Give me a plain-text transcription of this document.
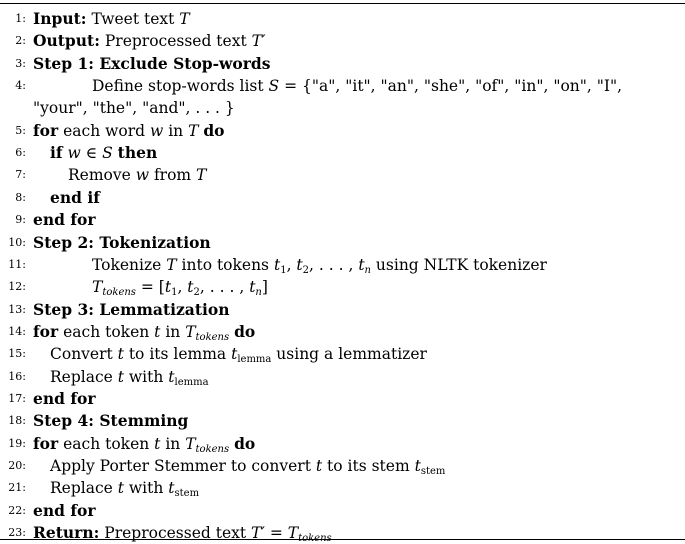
1: Input: Tweet text T
2: Output: Preprocessed text T′
3: Step 1: Exclude Stop-words
4:	Define stop-words list S = {"a", "it", "an", "she", "of", "in", "on", "I",
"your", "the", "and", . . . }
5: for each word w in T do
6: if w ∈ S then
7:	Remove w from T
8: end if
9: end for
10: Step 2: Tokenization
11:	Tokenize T into tokens $t_1$, $t_2$, . . . , $t_n$ using NLTK tokenizer
12:	$T_{tokens} = [t_1$, $t_2$, . . . , $t_n$]
13: Step 3: Lemmatization
14: for each token t in $T_{tokens}$ do
15: Convert t to its lemma $t_{lemma}$ using a lemmatizer
16: Replace t with $t_{lemma}$
17: end for
18: Step 4: Stemming
19: for each token t in $T_{tokens}$ do
20: Apply Porter Stemmer to convert t to its stem $t_{stem}$
21: Replace t with $t_{stem}$
22: end for
23: Return: Preprocessed text $T' = T_{tokens}$
